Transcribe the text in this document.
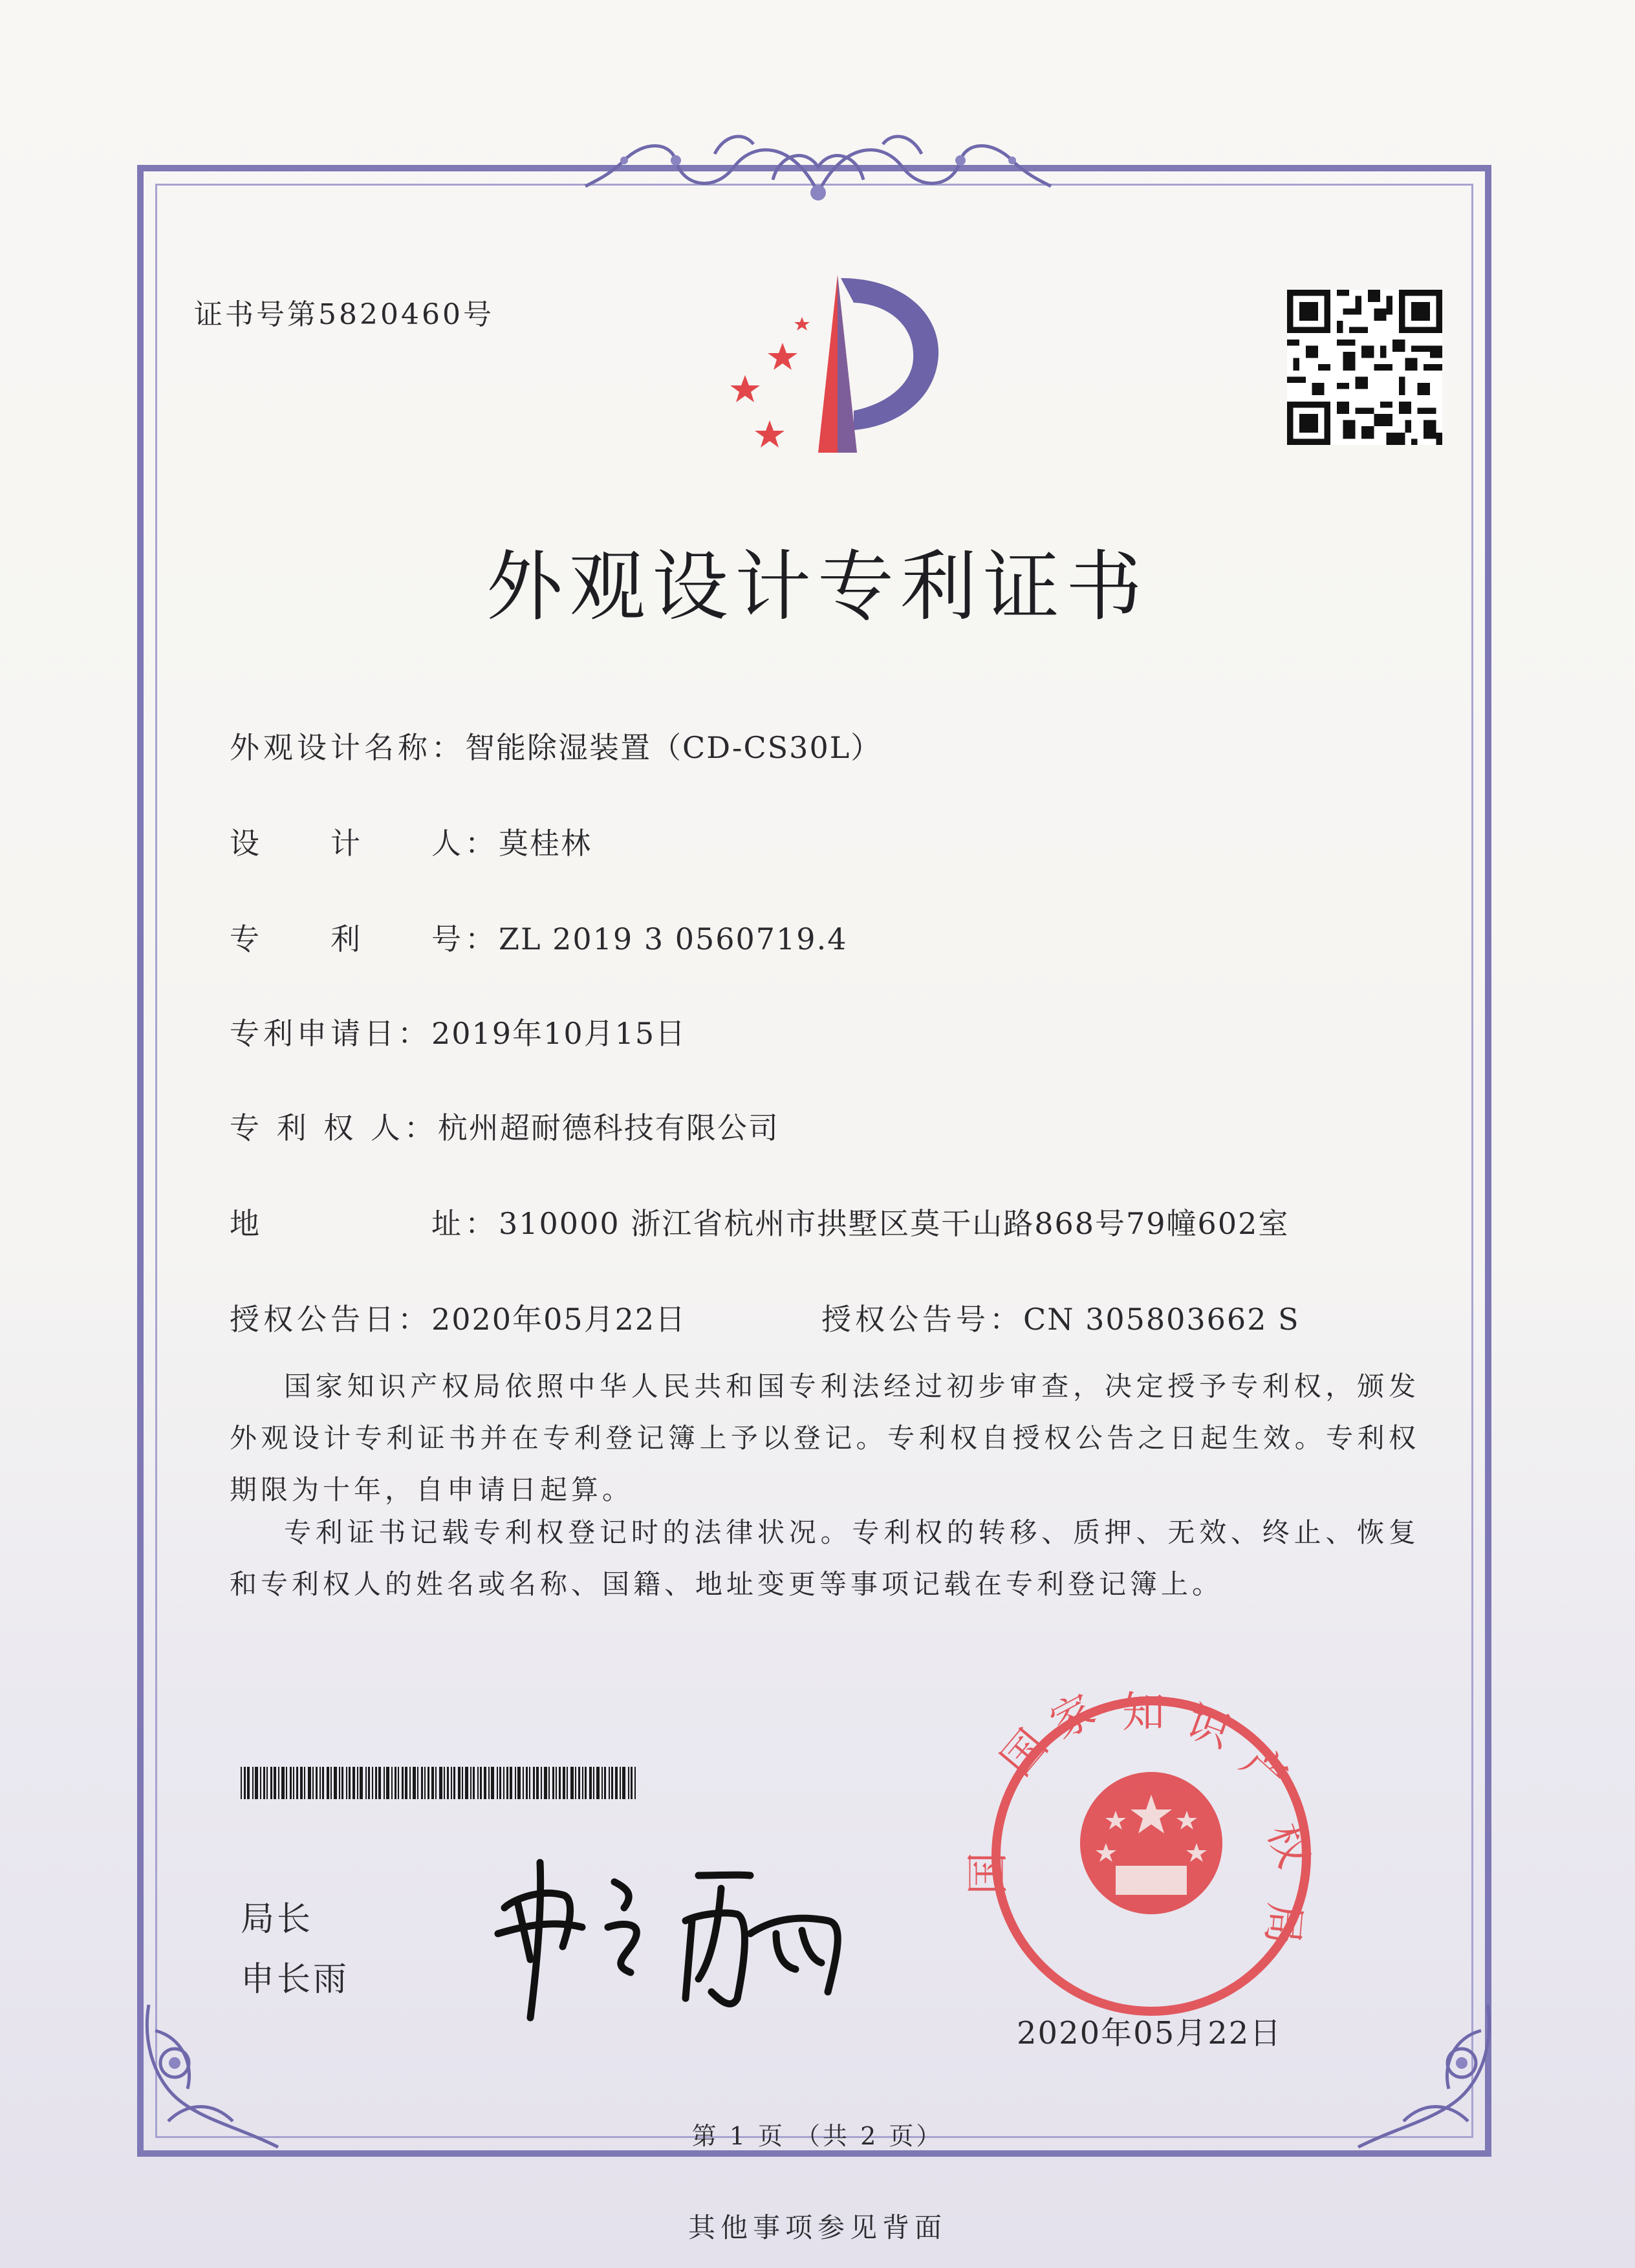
证书号第5820460号
外观设计专利证书
外观设计名称：智能除湿装置（CD-CS30L）
设　　计　　人：莫桂林
专　　利　　号：ZL 2019 3 0560719.4
专利申请日：2019年10月15日
专 利 权 人：杭州超耐德科技有限公司
地　　　　　址：310000 浙江省杭州市拱墅区莫干山路868号79幢602室
授权公告日：2020年05月22日	授权公告号：CN 305803662 S
国家知识产权局依照中华人民共和国专利法经过初步审查，决定授予专利权，颁发外观设计专利证书并在专利登记簿上予以登记。专利权自授权公告之日起生效。专利权期限为十年，自申请日起算。
专利证书记载专利权登记时的法律状况。专利权的转移、质押、无效、终止、恢复和专利权人的姓名或名称、国籍、地址变更等事项记载在专利登记簿上。
局长
申长雨
国
家 知 识
产
权
局
国
2020年05月22日
第 1 页 （共 2 页）
其他事项参见背面
